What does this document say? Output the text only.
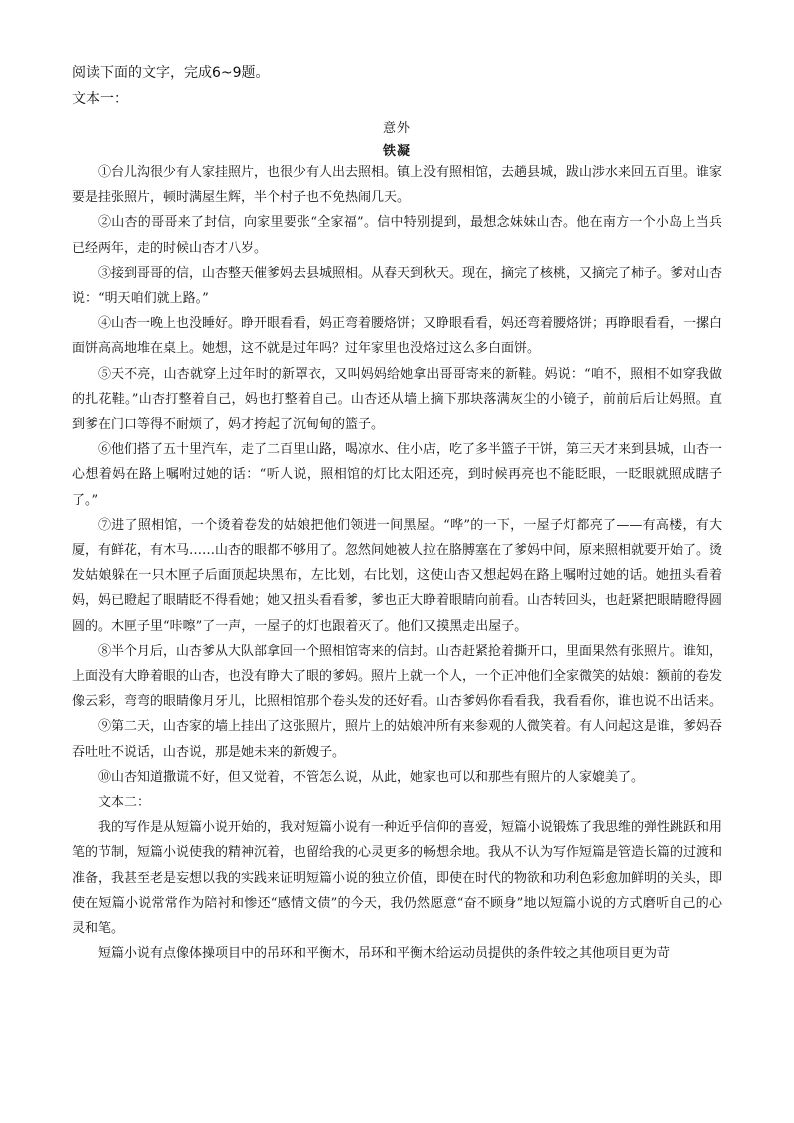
阅读下面的文字，完成6~9题。
文本一：
意外
铁凝

①台儿沟很少有人家挂照片，也很少有人出去照相。镇上没有照相馆，去趟县城，跋山涉水来回五百里。谁家要是挂张照片，顿时满屋生辉，半个村子也不免热闹几天。

②山杏的哥哥来了封信，向家里要张“全家福”。信中特别提到，最想念妹妹山杏。他在南方一个小岛上当兵已经两年，走的时候山杏才八岁。

③接到哥哥的信，山杏整天催爹妈去县城照相。从春天到秋天。现在，摘完了核桃，又摘完了柿子。爹对山杏说：“明天咱们就上路。”

④山杏一晚上也没睡好。睁开眼看看，妈正弯着腰烙饼；又睁眼看看，妈还弯着腰烙饼；再睁眼看看，一摞白面饼高高地堆在桌上。她想，这不就是过年吗？过年家里也没烙过这么多白面饼。

⑤天不亮，山杏就穿上过年时的新罩衣，又叫妈妈给她拿出哥哥寄来的新鞋。妈说：“咱不，照相不如穿我做的扎花鞋。”山杏打整着自己，妈也打整着自己。山杏还从墙上摘下那块落满灰尘的小镜子，前前后后让妈照。直到爹在门口等得不耐烦了，妈才挎起了沉甸甸的篮子。

⑥他们搭了五十里汽车，走了二百里山路，喝凉水、住小店，吃了多半篮子干饼，第三天才来到县城，山杏一心想着妈在路上嘱咐过她的话：“听人说，照相馆的灯比太阳还亮，到时候再亮也不能眨眼，一眨眼就照成瞎子了。”

⑦进了照相馆，一个烫着卷发的姑娘把他们领进一间黑屋。“哗”的一下，一屋子灯都亮了——有高楼，有大厦，有鲜花，有木马……山杏的眼都不够用了。忽然间她被人拉在胳膊塞在了爹妈中间，原来照相就要开始了。烫发姑娘躲在一只木匣子后面顶起块黑布，左比划，右比划，这使山杏又想起妈在路上嘱咐过她的话。她扭头看着妈，妈已瞪起了眼睛眨不得看她；她又扭头看看爹，爹也正大睁着眼睛向前看。山杏转回头，也赶紧把眼睛瞪得圆圆的。木匣子里“咔嚓”了一声，一屋子的灯也跟着灭了。他们又摸黑走出屋子。

⑧半个月后，山杏爹从大队部拿回一个照相馆寄来的信封。山杏赶紧抢着撕开口，里面果然有张照片。谁知，上面没有大睁着眼的山杏，也没有睁大了眼的爹妈。照片上就一个人，一个正冲他们全家微笑的姑娘：额前的卷发像云彩，弯弯的眼睛像月牙儿，比照相馆那个卷头发的还好看。山杏爹妈你看看我，我看看你，谁也说不出话来。

⑨第二天，山杏家的墙上挂出了这张照片，照片上的姑娘冲所有来参观的人微笑着。有人问起这是谁，爹妈吞吞吐吐不说话，山杏说，那是她未来的新嫂子。

⑩山杏知道撒谎不好，但又觉着，不管怎么说，从此，她家也可以和那些有照片的人家媲美了。

文本二：

我的写作是从短篇小说开始的，我对短篇小说有一种近乎信仰的喜爱，短篇小说锻炼了我思维的弹性跳跃和用笔的节制，短篇小说使我的精神沉着，也留给我的心灵更多的畅想余地。我从不认为写作短篇是管造长篇的过渡和准备，我甚至老是妄想以我的实践来证明短篇小说的独立价值，即使在时代的物欲和功利色彩愈加鲜明的关头，即使在短篇小说常常作为陪衬和惨还“感情文债”的今天，我仍然愿意“奋不顾身”地以短篇小说的方式磨听自己的心灵和笔。

短篇小说有点像体操项目中的吊环和平衡木，吊环和平衡木给运动员提供的条件较之其他项目更为苛
